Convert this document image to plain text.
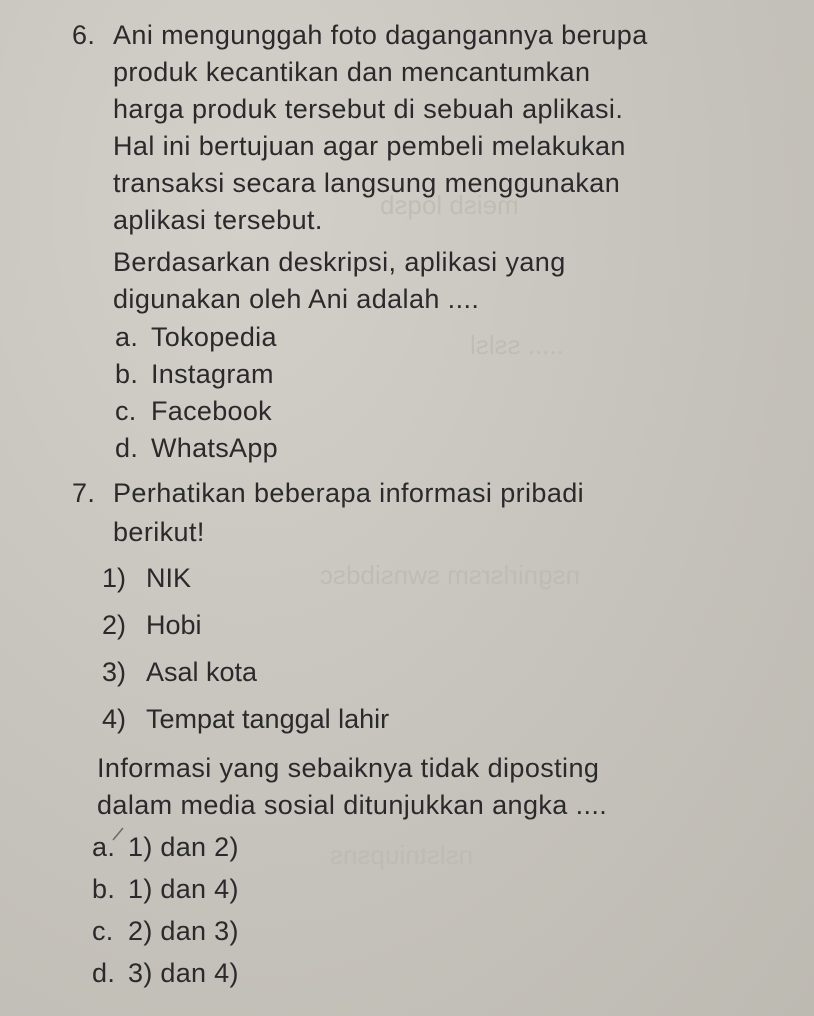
meisb loqsb
..... sslsl
nsgnirlsrsm swnsibdsc
nslstniupsns
6. Ani mengunggah foto dagangannya berupa
produk kecantikan dan mencantumkan
harga produk tersebut di sebuah aplikasi.
Hal ini bertujuan agar pembeli melakukan
transaksi secara langsung menggunakan
aplikasi tersebut.
Berdasarkan deskripsi, aplikasi yang
digunakan oleh Ani adalah ....
a. Tokopedia
b. Instagram
c. Facebook
d. WhatsApp
7. Perhatikan beberapa informasi pribadi
berikut!
1) NIK
2) Hobi
3) Asal kota
4) Tempat tanggal lahir
Informasi yang sebaiknya tidak diposting
dalam media sosial ditunjukkan angka ....
a. 1) dan 2)
b. 1) dan 4)
c. 2) dan 3)
d. 3) dan 4)
